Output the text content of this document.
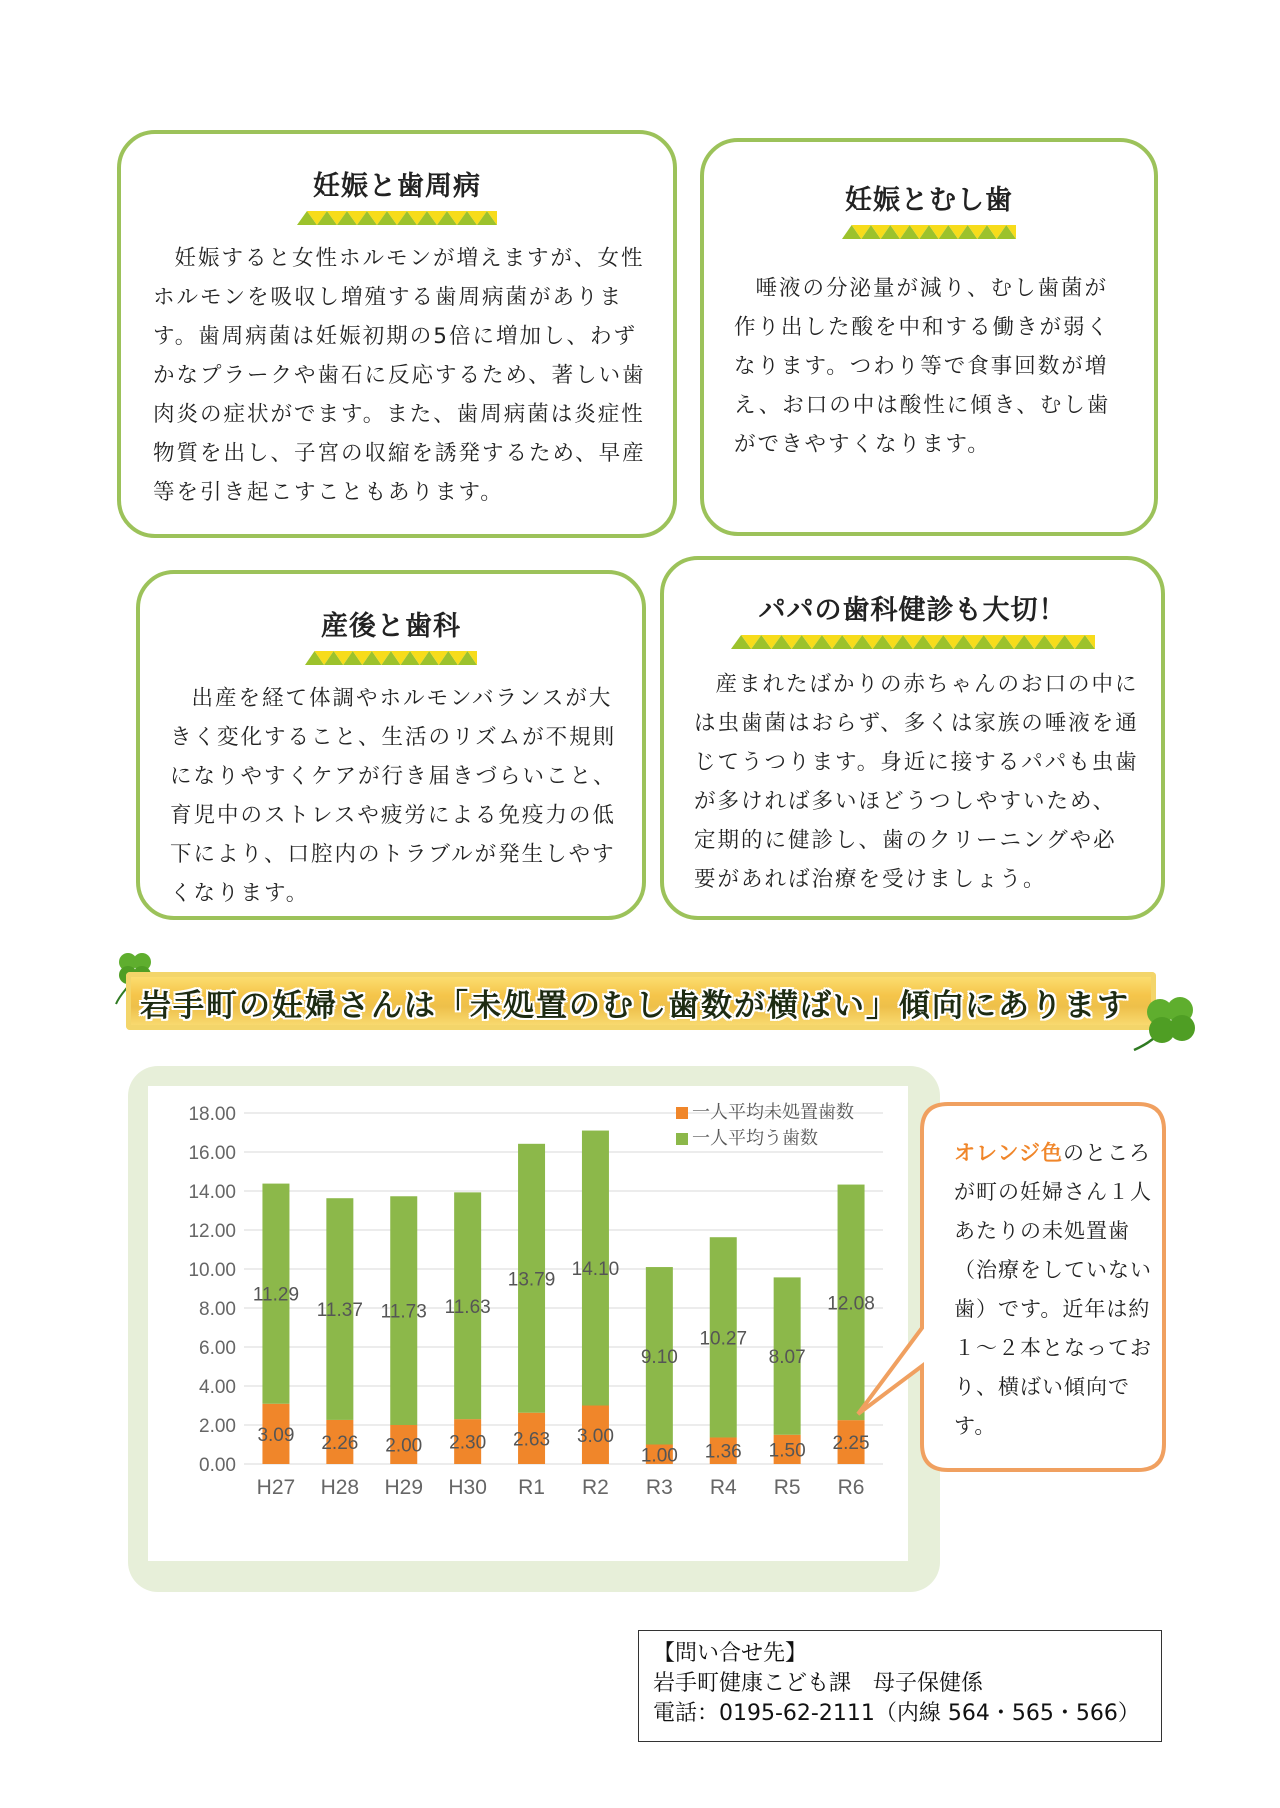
妊娠と歯周病

妊娠すると女性ホルモンが増えますが、女性ホルモンを吸収し増殖する歯周病菌があります。歯周病菌は妊娠初期の5倍に増加し、わずかなプラークや歯石に反応するため、著しい歯肉炎の症状がでます。また、歯周病菌は炎症性物質を出し、子宮の収縮を誘発するため、早産等を引き起こすこともあります。

妊娠とむし歯

唾液の分泌量が減り、むし歯菌が作り出した酸を中和する働きが弱くなります。つわり等で食事回数が増え、お口の中は酸性に傾き、むし歯ができやすくなります。

産後と歯科

出産を経て体調やホルモンバランスが大きく変化すること、生活のリズムが不規則になりやすくケアが行き届きづらいこと、育児中のストレスや疲労による免疫力の低下により、口腔内のトラブルが発生しやすくなります。

パパの歯科健診も大切！

産まれたばかりの赤ちゃんのお口の中には虫歯菌はおらず、多くは家族の唾液を通じてうつります。身近に接するパパも虫歯が多ければ多いほどうつしやすいため、定期的に健診し、歯のクリーニングや必要があれば治療を受けましょう。

岩手町の妊婦さんは「未処置のむし歯数が横ばい」傾向にあります
0.00
2.00
4.00
6.00
8.00
10.00
12.00
14.00
16.00
18.00
11.29
3.09
H27
11.37
2.26
H28
11.73
2.00
H29
11.63
2.30
H30
13.79
2.63
R1
14.10
3.00
R2
9.10
1.00
R3
10.27
1.36
R4
8.07
1.50
R5
12.08
2.25
R6
一人平均未処置歯数
一人平均う歯数

オレンジ色のところが町の妊婦さん１人あたりの未処置歯（治療をしていない歯）です。近年は約１～２本となっており、横ばい傾向です。

【問い合せ先】
岩手町健康こども課　母子保健係
電話：0195-62-2111（内線 564・565・566）
